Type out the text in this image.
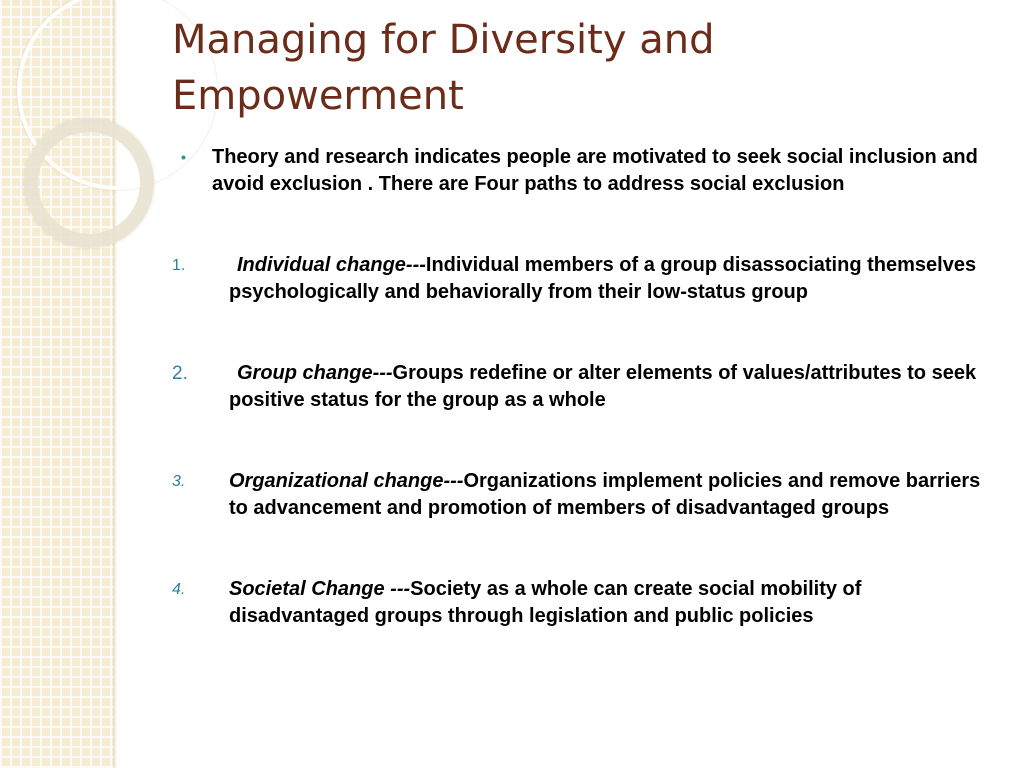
Managing for Diversity and Empowerment

• Theory and research indicates people are motivated to seek social inclusion and avoid exclusion . There are Four paths to address social exclusion

1.	Individual change---Individual members of a group disassociating themselves psychologically and behaviorally from their low-status group

2. Group change---Groups redefine or alter elements of values/attributes to seek positive status for the group as a whole

3. Organizational change---Organizations implement policies and remove barriers to advancement and promotion of members of disadvantaged groups

4. Societal Change ---Society as a whole can create social mobility of disadvantaged groups through legislation and public policies
